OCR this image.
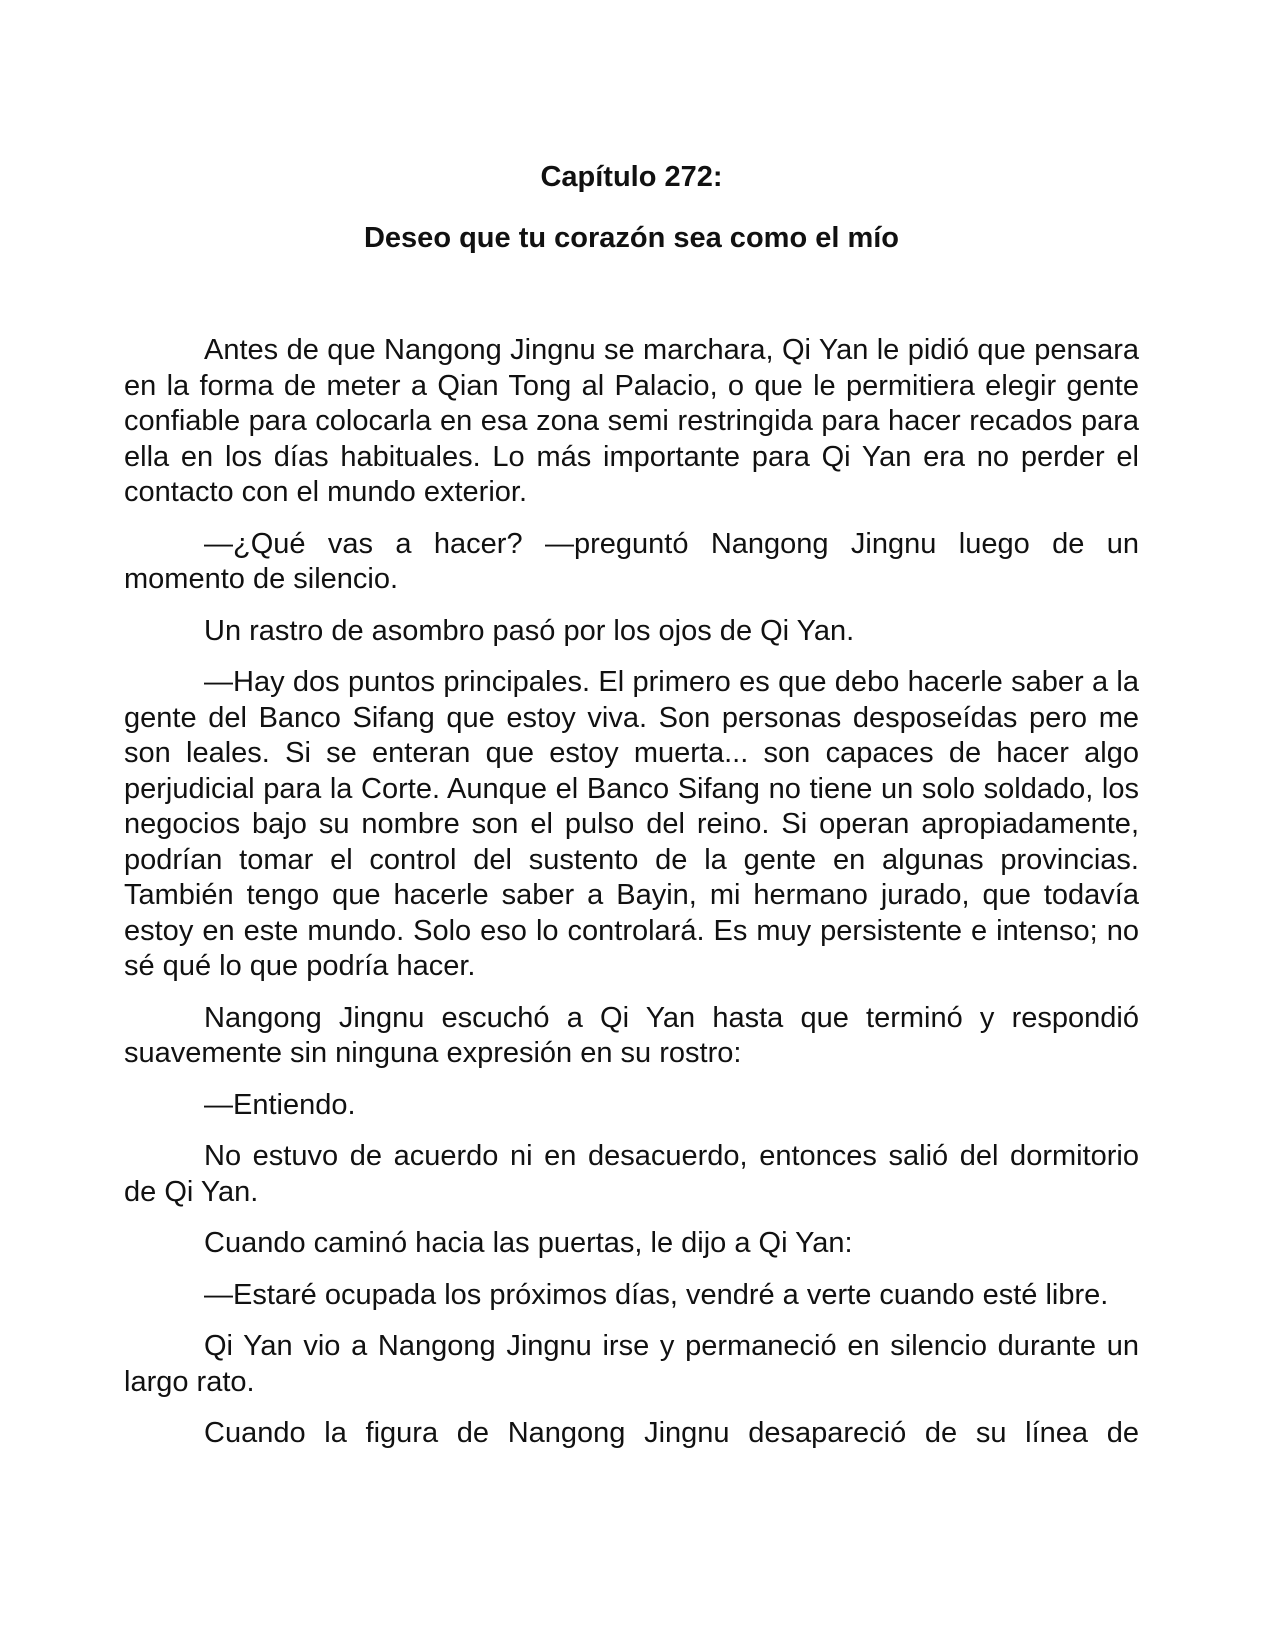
Capítulo 272:
Deseo que tu corazón sea como el mío

Antes de que Nangong Jingnu se marchara, Qi Yan le pidió que pensara en la forma de meter a Qian Tong al Palacio, o que le permitiera elegir gente confiable para colocarla en esa zona semi restringida para hacer recados para ella en los días habituales. Lo más importante para Qi Yan era no perder el contacto con el mundo exterior.

—¿Qué vas a hacer? —preguntó Nangong Jingnu luego de un momento de silencio.

Un rastro de asombro pasó por los ojos de Qi Yan.

—Hay dos puntos principales. El primero es que debo hacerle saber a la gente del Banco Sifang que estoy viva. Son personas desposeídas pero me son leales. Si se enteran que estoy muerta... son capaces de hacer algo perjudicial para la Corte. Aunque el Banco Sifang no tiene un solo soldado, los negocios bajo su nombre son el pulso del reino. Si operan apropiadamente, podrían tomar el control del sustento de la gente en algunas provincias. También tengo que hacerle saber a Bayin, mi hermano jurado, que todavía estoy en este mundo. Solo eso lo controlará. Es muy persistente e intenso; no sé qué lo que podría hacer.

Nangong Jingnu escuchó a Qi Yan hasta que terminó y respondió suavemente sin ninguna expresión en su rostro:

—Entiendo.

No estuvo de acuerdo ni en desacuerdo, entonces salió del dormitorio de Qi Yan.

Cuando caminó hacia las puertas, le dijo a Qi Yan:

—Estaré ocupada los próximos días, vendré a verte cuando esté libre.

Qi Yan vio a Nangong Jingnu irse y permaneció en silencio durante un largo rato.

Cuando la figura de Nangong Jingnu desapareció de su línea de
